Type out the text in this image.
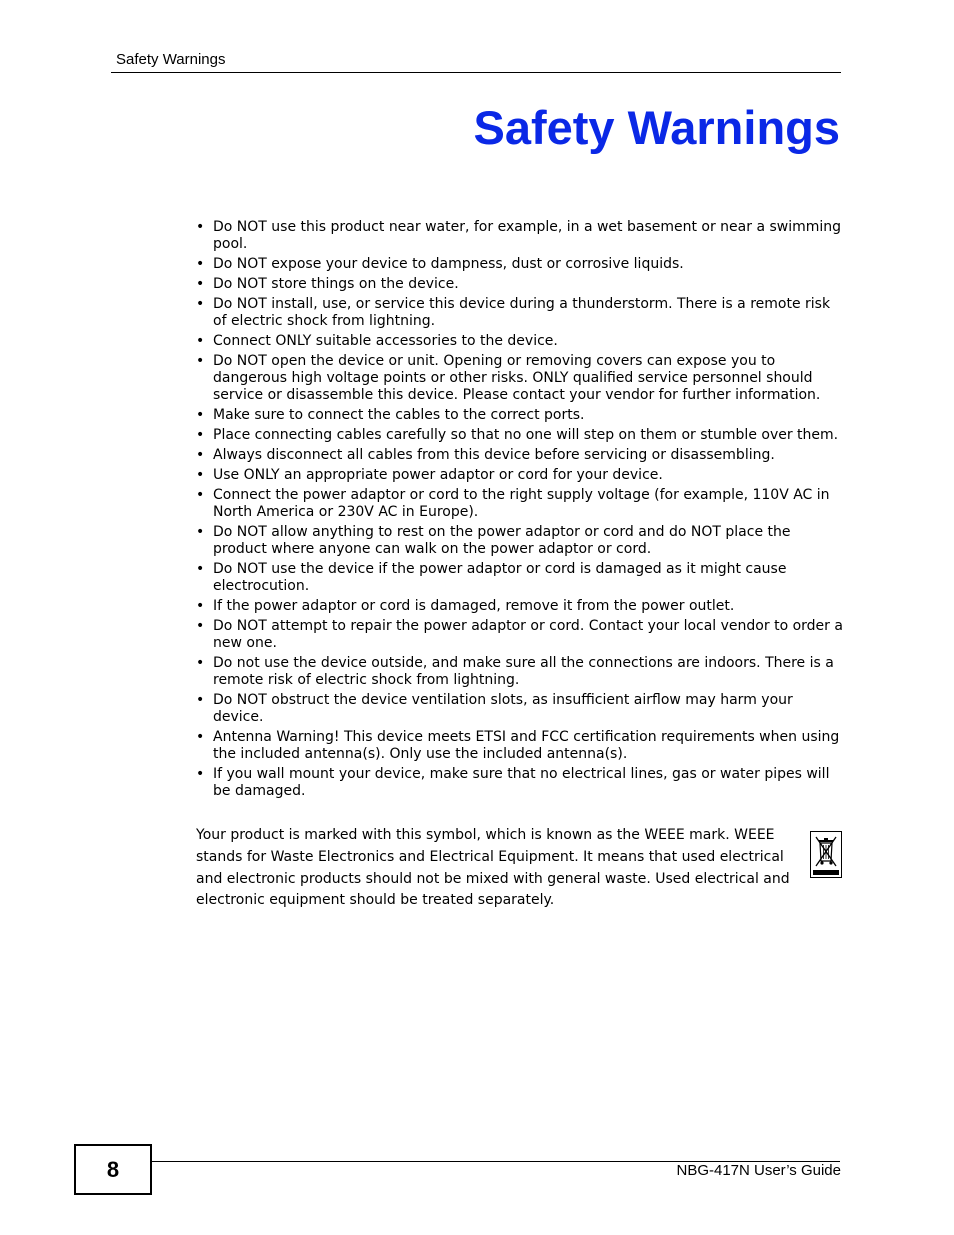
Safety Warnings
Safety Warnings
• Do NOT use this product near water, for example, in a wet basement or near a swimming pool.
• Do NOT expose your device to dampness, dust or corrosive liquids.
• Do NOT store things on the device.
• Do NOT install, use, or service this device during a thunderstorm. There is a remote risk of electric shock from lightning.
• Connect ONLY suitable accessories to the device.
• Do NOT open the device or unit. Opening or removing covers can expose you to dangerous high voltage points or other risks. ONLY qualified service personnel should service or disassemble this device. Please contact your vendor for further information.
• Make sure to connect the cables to the correct ports.
• Place connecting cables carefully so that no one will step on them or stumble over them.
• Always disconnect all cables from this device before servicing or disassembling.
• Use ONLY an appropriate power adaptor or cord for your device.
• Connect the power adaptor or cord to the right supply voltage (for example, 110V AC in North America or 230V AC in Europe).
• Do NOT allow anything to rest on the power adaptor or cord and do NOT place the product where anyone can walk on the power adaptor or cord.
• Do NOT use the device if the power adaptor or cord is damaged as it might cause electrocution.
• If the power adaptor or cord is damaged, remove it from the power outlet.
• Do NOT attempt to repair the power adaptor or cord. Contact your local vendor to order a new one.
• Do not use the device outside, and make sure all the connections are indoors. There is a remote risk of electric shock from lightning.
• Do NOT obstruct the device ventilation slots, as insufficient airflow may harm your device.
• Antenna Warning! This device meets ETSI and FCC certification requirements when using the included antenna(s). Only use the included antenna(s).
• If you wall mount your device, make sure that no electrical lines, gas or water pipes will be damaged.

Your product is marked with this symbol, which is known as the WEEE mark. WEEE stands for Waste Electronics and Electrical Equipment. It means that used electrical and electronic products should not be mixed with general waste. Used electrical and electronic equipment should be treated separately.

8	NBG-417N User’s Guide
